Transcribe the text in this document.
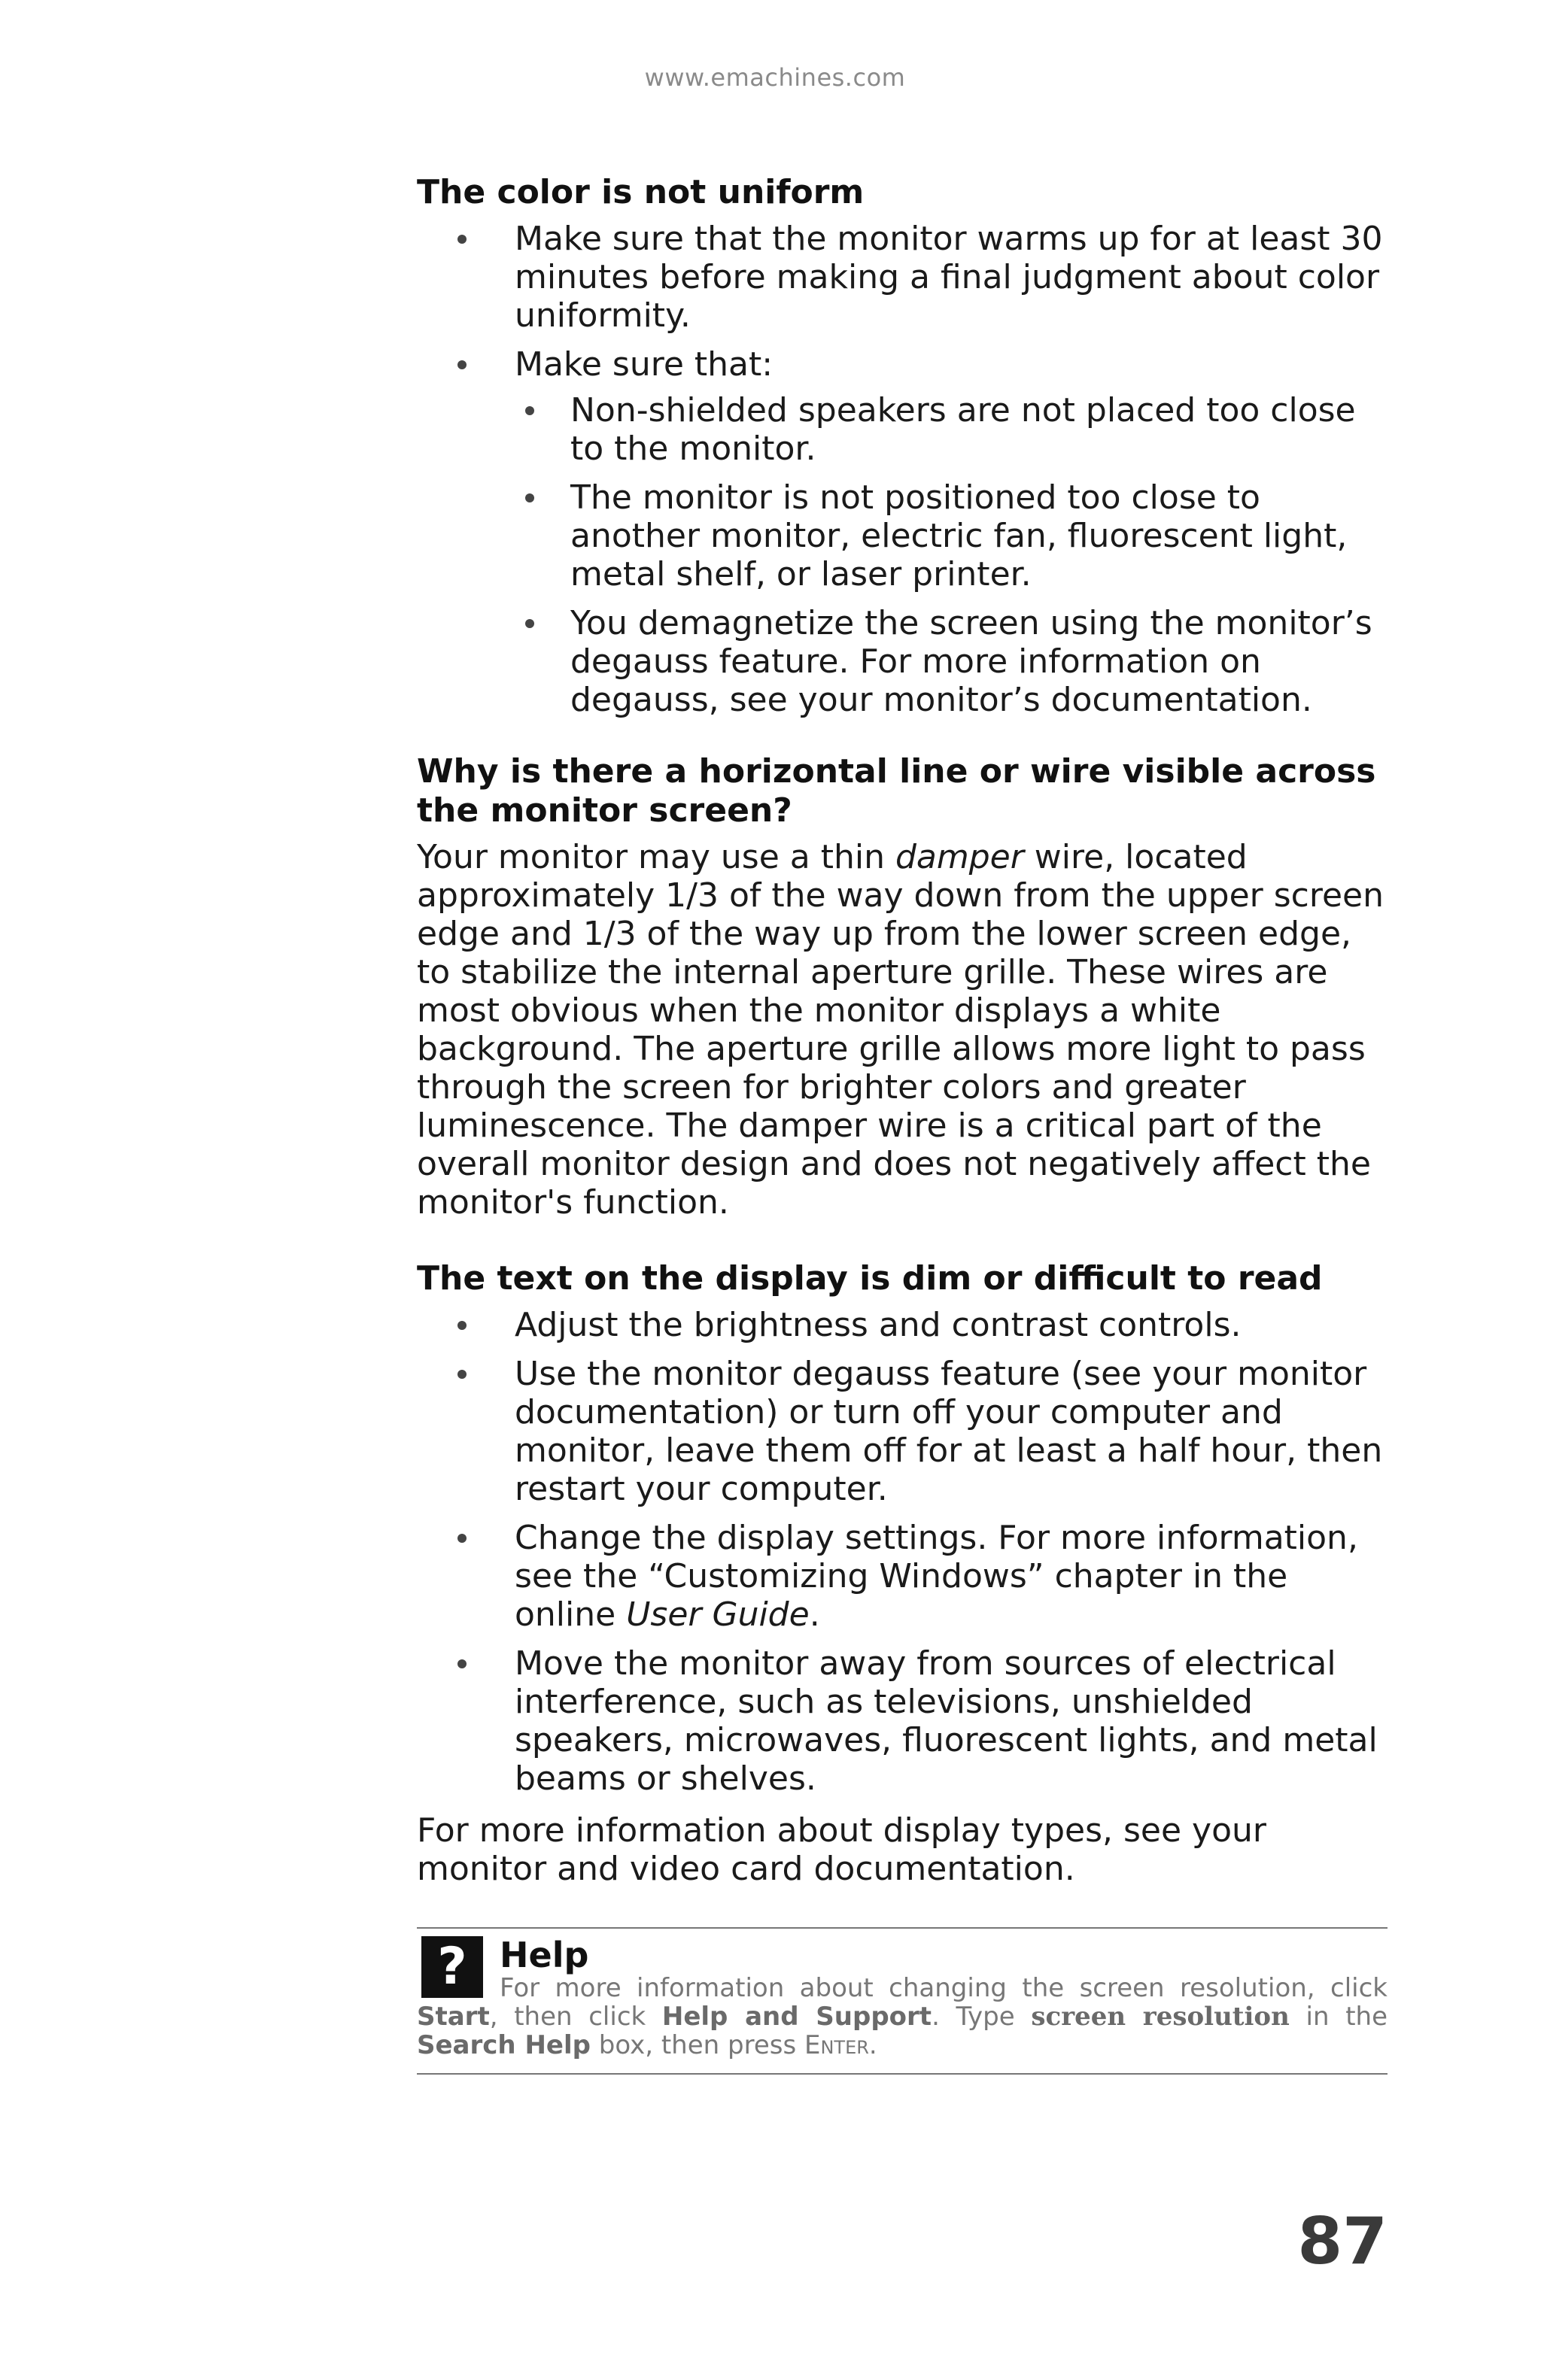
www.emachines.com
The color is not uniform
Make sure that the monitor warms up for at least 30 minutes before making a final judgment about color uniformity.
Make sure that:
Non-shielded speakers are not placed too close to the monitor.
The monitor is not positioned too close to another monitor, electric fan, fluorescent light, metal shelf, or laser printer.
You demagnetize the screen using the monitor’s degauss feature. For more information on degauss, see your monitor’s documentation.
Why is there a horizontal line or wire visible across the monitor screen?

Your monitor may use a thin damper wire, located approximately 1/3 of the way down from the upper screen edge and 1/3 of the way up from the lower screen edge, to stabilize the internal aperture grille. These wires are most obvious when the monitor displays a white background. The aperture grille allows more light to pass through the screen for brighter colors and greater luminescence. The damper wire is a critical part of the overall monitor design and does not negatively affect the monitor's function.

The text on the display is dim or difficult to read
Adjust the brightness and contrast controls.
Use the monitor degauss feature (see your monitor documentation) or turn off your computer and monitor, leave them off for at least a half hour, then restart your computer.
Change the display settings. For more information, see the “Customizing Windows” chapter in the online User Guide.
Move the monitor away from sources of electrical interference, such as televisions, unshielded speakers, microwaves, fluorescent lights, and metal beams or shelves.

For more information about display types, see your monitor and video card documentation.

? Help
For more information about changing the screen resolution, click Start, then click Help and Support. Type screen resolution in the Search Help box, then press Enter.
87
